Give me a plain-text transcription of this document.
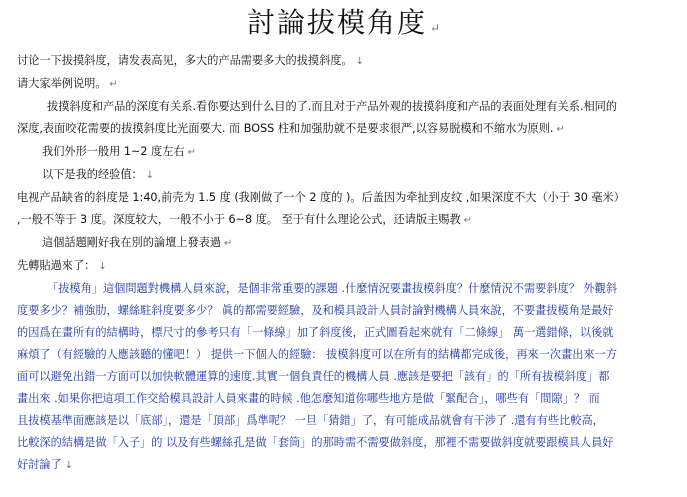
討論拔模角度 ↵
讨论一下拔摸斜度，请发表高见，多大的产品需要多大的拔摸斜度。 ↓
请大家举例说明。 ↵
拔摸斜度和产品的深度有关系.看你要达到什么目的了.而且对于产品外观的拔摸斜度和产品的表面处理有关系.相同的
深度,表面咬花需要的拔摸斜度比光面要大. 而 BOSS 柱和加强肋就不是要求很严,以容易脱模和不缩水为原则. ↵
我们外形一般用 1~2 度左右 ↵
以下是我的经验值： ↓
电视产品缺省的斜度是 1:40,前壳为 1.5 度 (我刚做了一个 2 度的 )。后盖因为牵扯到皮纹 ,如果深度不大（小于 30 毫米）
,一般不等于 3 度。深度较大，一般不小于 6~8 度。 至于有什么理论公式，还请版主赐教 ↵
這個話題剛好我在別的論壇上發表過 ↵
先轉貼過來了： ↓
「拔模角」這個問題對機構人員來說，是個非常重要的課題 .什麼情況要畫拔模斜度？什麼情況不需要斜度？ 外觀斜
度要多少？補強肋，螺絲駐斜度要多少？ 眞的都需要經驗，及和模具設計人員討論對機構人員來說，不要畫拔模角是最好
的因爲在畫所有的結構時，標尺寸的參考只有「一條線」加了斜度後，正式圖看起來就有「二條線」 萬一選錯條，以後就
麻煩了（有經驗的人應該聽的懂吧！） 提供一下個人的經驗： 拔模斜度可以在所有的結構都完成後，再來一次畫出來一方
面可以避免出錯一方面可以加快軟體運算的速度.其實一個負責任的機構人員 .應該是要把「該有」的「所有拔模斜度」都
畫出來 .如果你把這項工作交給模具設計人員來畫的時候 .他怎麼知道你哪些地方是做「緊配合」，哪些有「間隙」？ 而
且拔模基準面應該是以「底部」，還是「頂部」爲準呢？ 一旦「猜錯」了，有可能成品就會有干涉了 .還有有些比較高，
比較深的結構是做「入子」的 以及有些螺絲孔是做「套筒」的那時需不需要做斜度，那裡不需要做斜度就要跟模具人員好
好討論了 ↓
